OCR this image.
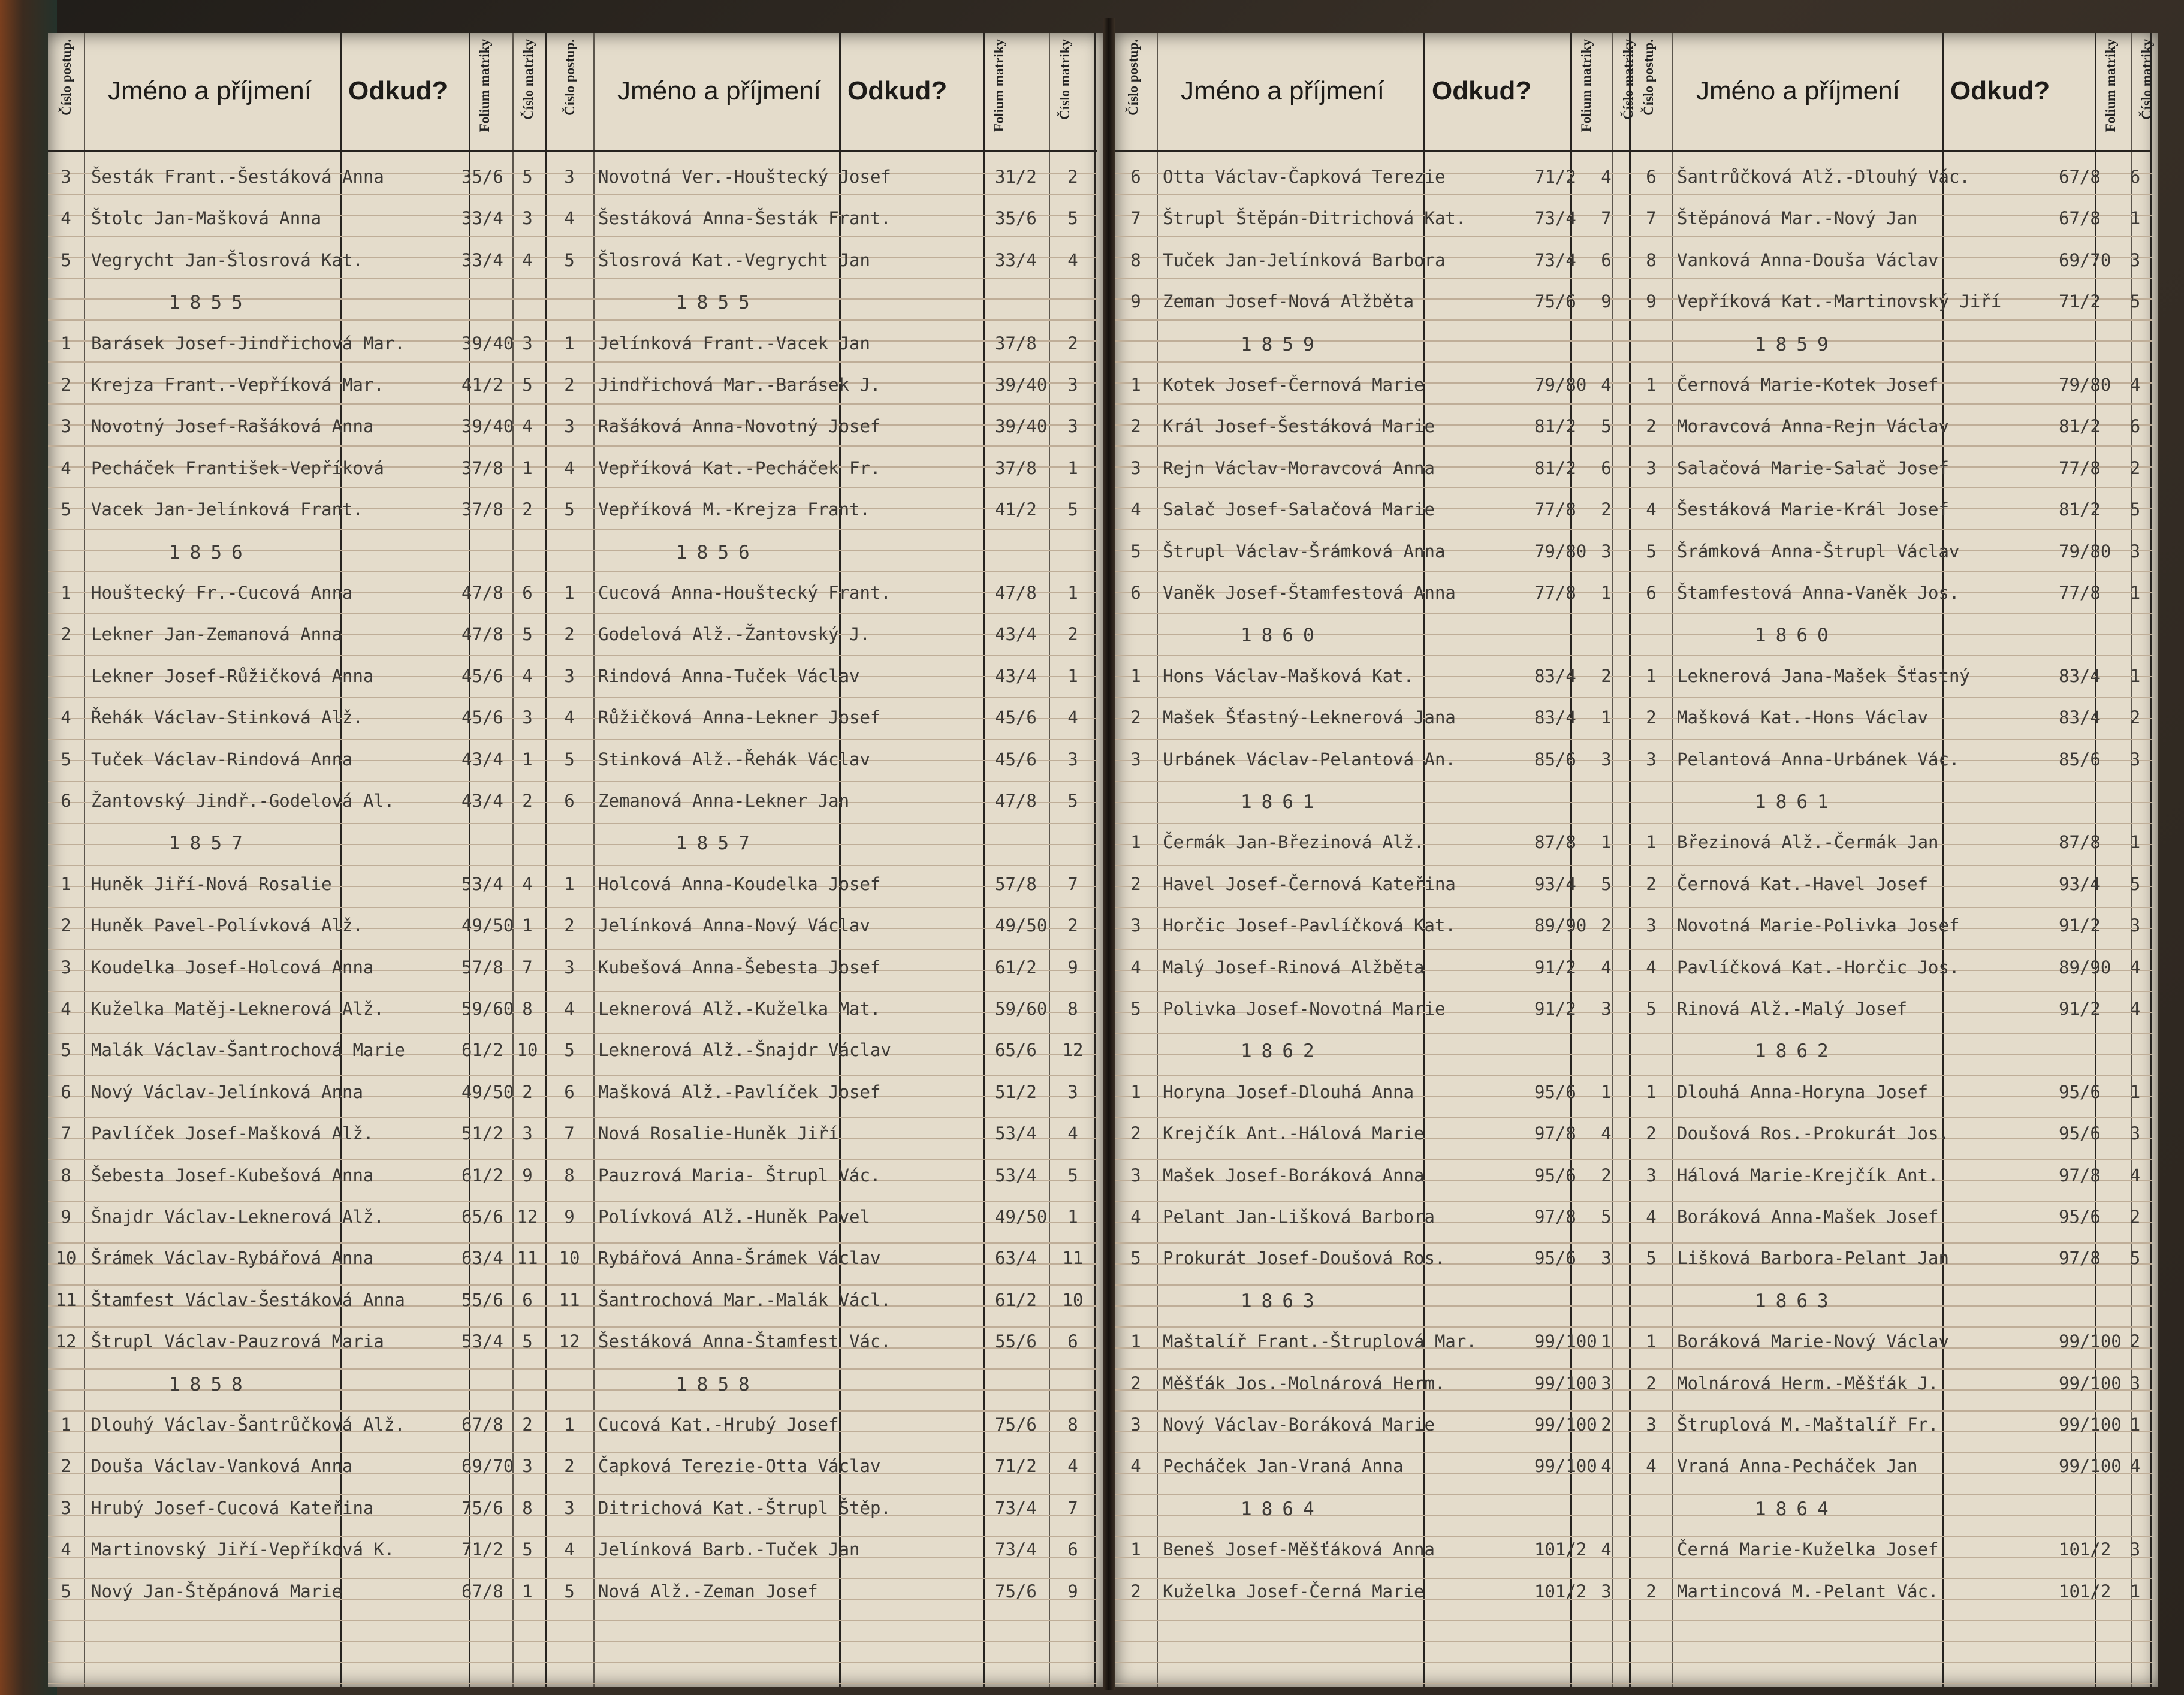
Číslo postup. Jméno a příjmení Odkud? Folium matriky Číslo matriky
3	Šesták Frant.-Šestáková Anna	35/6	5
4	Štolc Jan-Mašková Anna	33/4	3
5	Vegrycht Jan-Šlosrová Kat.	33/4	4
1855
1	Barásek Josef-Jindřichová Mar.	39/40 3
2	Krejza Frant.-Vepříková Mar.	41/2	5
3	Novotný Josef-Rašáková Anna	39/40 4
4	Pecháček František-Vepříková	37/8	1
5	Vacek Jan-Jelínková Frant.	37/8	2
1856
1	Houštecký Fr.-Cucová Anna	47/8	6
2	Lekner Jan-Zemanová Anna	47/8	5
Lekner Josef-Růžičková Anna	45/6	4
4	Řehák Václav-Stinková Alž.	45/6	3
5	Tuček Václav-Rindová Anna	43/4	1
6	Žantovský Jindř.-Godelová Al.	43/4	2
1857
1	Huněk Jiří-Nová Rosalie	53/4	4
2	Huněk Pavel-Polívková Alž.	49/50 1
3	Koudelka Josef-Holcová Anna	57/8	7
4	Kuželka Matěj-Leknerová Alž.	59/60 8
5	Malák Václav-Šantrochová Marie	61/2 10
6	Nový Václav-Jelínková Anna	49/50 2
7	Pavlíček Josef-Mašková Alž.	51/2	3
8	Šebesta Josef-Kubešová Anna	61/2	9
9	Šnajdr Václav-Leknerová Alž.	65/6 12
10 Šrámek Václav-Rybářová Anna	63/4 11
11 Štamfest Václav-Šestáková Anna	55/6	6
12 Štrupl Václav-Pauzrová Maria	53/4	5
1858
1	Dlouhý Václav-Šantrůčková Alž.	67/8	2
2	Douša Václav-Vanková Anna	69/70 3
3	Hrubý Josef-Cucová Kateřina	75/6	8
4	Martinovský Jiří-Vepříková K.	71/2	5
5	Nový Jan-Štěpánová Marie	67/8	1
Číslo postup. Jméno a příjmení Odkud?	Folium matriky	Číslo matriky
3	Novotná Ver.-Houštecký Josef	31/2	2
4	Šestáková Anna-Šesták Frant.	35/6	5
5	Šlosrová Kat.-Vegrycht Jan	33/4	4
1855
1	Jelínková Frant.-Vacek Jan	37/8	2
2	Jindřichová Mar.-Barásek J.	39/40	3
3	Rašáková Anna-Novotný Josef	39/40	3
4	Vepříková Kat.-Pecháček Fr.	37/8	1
5	Vepříková M.-Krejza Frant.	41/2	5
1856
1	Cucová Anna-Houštecký Frant.	47/8	1
2	Godelová Alž.-Žantovský J.	43/4	2
3	Rindová Anna-Tuček Václav	43/4	1
4	Růžičková Anna-Lekner Josef	45/6	4
5	Stinková Alž.-Řehák Václav	45/6	3
6	Zemanová Anna-Lekner Jan	47/8	5
1857
1	Holcová Anna-Koudelka Josef	57/8	7
2	Jelínková Anna-Nový Václav	49/50	2
3	Kubešová Anna-Šebesta Josef	61/2	9
4	Leknerová Alž.-Kuželka Mat.	59/60	8
5	Leknerová Alž.-Šnajdr Václav	65/6	12
6	Mašková Alž.-Pavlíček Josef	51/2	3
7	Nová Rosalie-Huněk Jiří	53/4	4
8	Pauzrová Maria- Štrupl Vác.	53/4	5
9	Polívková Alž.-Huněk Pavel	49/50	1
10	Rybářová Anna-Šrámek Václav	63/4	11
11	Šantrochová Mar.-Malák Václ.	61/2	10
12	Šestáková Anna-Štamfest Vác.	55/6	6
1858
1	Cucová Kat.-Hrubý Josef	75/6	8
2	Čapková Terezie-Otta Václav	71/2	4
3	Ditrichová Kat.-Štrupl Štěp.	73/4	7
4	Jelínková Barb.-Tuček Jan	73/4	6
5	Nová Alž.-Zeman Josef	75/6	9
Číslo postup. Jméno a příjmení Odkud?	Folium matriky Číslo matriky
6	Otta Václav-Čapková Terezie	71/2	4
7	Štrupl Štěpán-Ditrichová Kat.	73/4	7
8	Tuček Jan-Jelínková Barbora	73/4	6
9	Zeman Josef-Nová Alžběta	75/6	9
1859
1	Kotek Josef-Černová Marie	79/80 4
2	Král Josef-Šestáková Marie	81/2	5
3	Rejn Václav-Moravcová Anna	81/2	6
4	Salač Josef-Salačová Marie	77/8	2
5	Štrupl Václav-Šrámková Anna	79/80 3
6	Vaněk Josef-Štamfestová Anna	77/8	1
1860
1	Hons Václav-Mašková Kat.	83/4	2
2	Mašek Šťastný-Leknerová Jana	83/4	1
3	Urbánek Václav-Pelantová An.	85/6	3
1861
1	Čermák Jan-Březinová Alž.	87/8	1
2	Havel Josef-Černová Kateřina	93/4	5
3	Horčic Josef-Pavlíčková Kat.	89/90 2
4	Malý Josef-Rinová Alžběta	91/2	4
5	Polivka Josef-Novotná Marie	91/2	3
1862
1	Horyna Josef-Dlouhá Anna	95/6	1
2	Krejčík Ant.-Hálová Marie	97/8	4
3	Mašek Josef-Boráková Anna	95/6	2
4	Pelant Jan-Lišková Barbora	97/8	5
5	Prokurát Josef-Doušová Ros.	95/6	3
1863
1	Maštalíř Frant.-Štruplová Mar.	99/100 1
2	Měšťák Jos.-Molnárová Herm.	99/100 3
3	Nový Václav-Boráková Marie	99/100 2
4	Pecháček Jan-Vraná Anna	99/100 4
1864
1	Beneš Josef-Měšťáková Anna	101/2 4
2	Kuželka Josef-Černá Marie	101/2 3
Číslo postup. Jméno a příjmení Odkud?	Folium matriky Číslo matriky
6	Šantrůčková Alž.-Dlouhý Vác.	67/8	6
7	Štěpánová Mar.-Nový Jan	67/8	1
8	Vanková Anna-Douša Václav	69/70	3
9	Vepříková Kat.-Martinovský Jiří	71/2	5
1859
1	Černová Marie-Kotek Josef	79/80	4
2	Moravcová Anna-Rejn Václav	81/2	6
3	Salačová Marie-Salač Josef	77/8	2
4	Šestáková Marie-Král Josef	81/2	5
5	Šrámková Anna-Štrupl Václav	79/80	3
6	Štamfestová Anna-Vaněk Jos.	77/8	1
1860
1	Leknerová Jana-Mašek Šťastný	83/4	1
2	Mašková Kat.-Hons Václav	83/4	2
3	Pelantová Anna-Urbánek Vác.	85/6	3
1861
1	Březinová Alž.-Čermák Jan	87/8	1
2	Černová Kat.-Havel Josef	93/4	5
3	Novotná Marie-Polivka Josef	91/2	3
4	Pavlíčková Kat.-Horčic Jos.	89/90	4
5	Rinová Alž.-Malý Josef	91/2	4
1862
1	Dlouhá Anna-Horyna Josef	95/6	1
2	Doušová Ros.-Prokurát Jos.	95/6	3
3	Hálová Marie-Krejčík Ant.	97/8	4
4	Boráková Anna-Mašek Josef	95/6	2
5	Lišková Barbora-Pelant Jan	97/8	5
1863
1	Boráková Marie-Nový Václav	99/100 2
2	Molnárová Herm.-Měšťák J.	99/100 3
3	Štruplová M.-Maštalíř Fr.	99/100 1
4	Vraná Anna-Pecháček Jan	99/100 4
1864
Černá Marie-Kuželka Josef	101/2	3
2	Martincová M.-Pelant Vác.	101/2	1
